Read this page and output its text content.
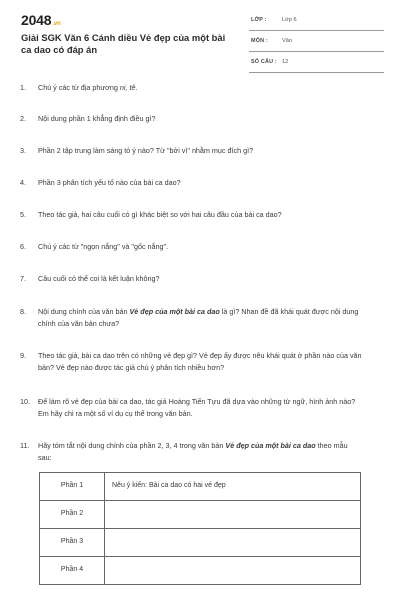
2048.vn
Giải SGK Văn 6 Cánh diều Vẻ đẹp của một bài ca dao có đáp án
LỚP :	Lớp 6
MÔN :	Văn
SỐ CÂU : 12
1.	Chú ý các từ địa phương ni, tê.
2.	Nội dung phần 1 khẳng định điều gì?
3.	Phần 2 tập trung làm sáng tỏ ý nào? Từ "bởi vì" nhằm mục đích gì?
4.	Phần 3 phân tích yếu tố nào của bài ca dao?
5.	Theo tác giả, hai câu cuối có gì khác biệt so với hai câu đầu của bài ca dao?
6.	Chú ý các từ "ngọn nắng" và "gốc nắng".
7.	Câu cuối có thể coi là kết luận không?
8.	Nội dung chính của văn bản Vẻ đẹp của một bài ca dao là gì? Nhan đề đã khái quát được nội dung chính của văn bản chưa?
9.	Theo tác giả, bài ca dao trên có những vẻ đẹp gì? Vẻ đẹp ấy được nêu khái quát ở phần nào của văn bản? Vẻ đẹp nào được tác giả chú ý phân tích nhiều hơn?
10.	Để làm rõ vẻ đẹp của bài ca dao, tác giả Hoàng Tiến Tựu đã dựa vào những từ ngữ, hình ảnh nào? Em hãy chỉ ra một số ví dụ cụ thể trong văn bản.
11.	Hãy tóm tắt nội dung chính của phần 2, 3, 4 trong văn bản Vẻ đẹp của một bài ca dao theo mẫu sau:
Phần 1	Nêu ý kiến: Bài ca dao có hai vẻ đẹp
Phần 2	
Phần 3	
Phần 4	
